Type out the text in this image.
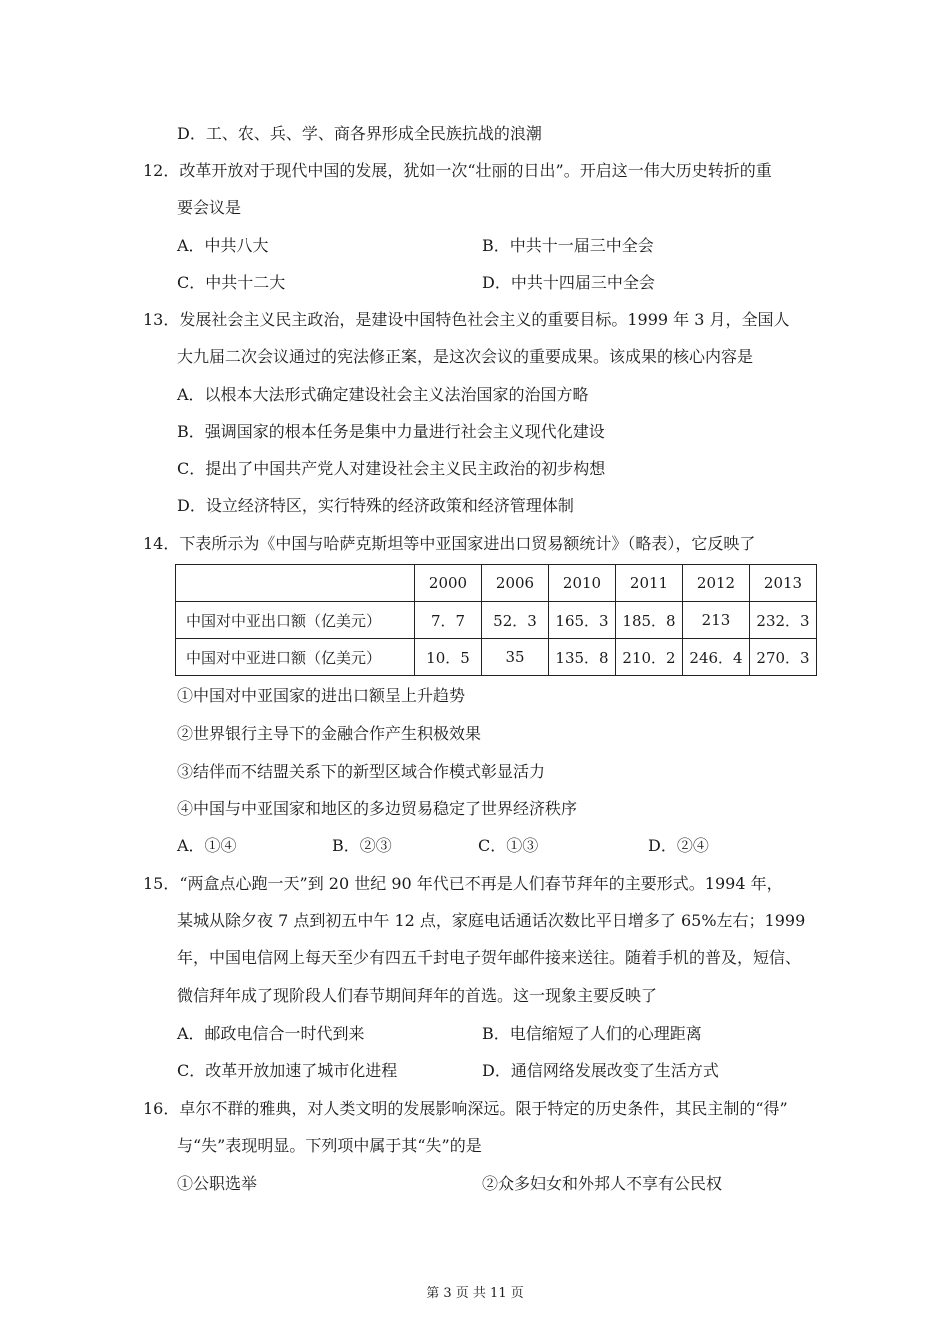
D．工、农、兵、学、商各界形成全民族抗战的浪潮
12．改革开放对于现代中国的发展，犹如一次“壮丽的日出”。开启这一伟大历史转折的重
要会议是
A．中共八大	B．中共十一届三中全会
C．中共十二大	D．中共十四届三中全会
13．发展社会主义民主政治，是建设中国特色社会主义的重要目标。1999 年 3 月，全国人
大九届二次会议通过的宪法修正案，是这次会议的重要成果。该成果的核心内容是
A．以根本大法形式确定建设社会主义法治国家的治国方略
B．强调国家的根本任务是集中力量进行社会主义现代化建设
C．提出了中国共产党人对建设社会主义民主政治的初步构想
D．设立经济特区，实行特殊的经济政策和经济管理体制
14．下表所示为《中国与哈萨克斯坦等中亚国家进出口贸易额统计》（略表），它反映了
	2000	2006	2010	2011	2012	2013
中国对中亚出口额（亿美元）	7．7	52．3	165．3	185．8	213	232．3
中国对中亚进口额（亿美元）	10．5	35	135．8	210．2	246．4	270．3
①中国对中亚国家的进出口额呈上升趋势
②世界银行主导下的金融合作产生积极效果
③结伴而不结盟关系下的新型区域合作模式彰显活力
④中国与中亚国家和地区的多边贸易稳定了世界经济秩序
A．①④	B．②③	C．①③	D．②④
15．“两盒点心跑一天”到 20 世纪 90 年代已不再是人们春节拜年的主要形式。1994 年，
某城从除夕夜 7 点到初五中午 12 点，家庭电话通话次数比平日增多了 65%左右；1999
年，中国电信网上每天至少有四五千封电子贺年邮件接来送往。随着手机的普及，短信、
微信拜年成了现阶段人们春节期间拜年的首选。这一现象主要反映了
A．邮政电信合一时代到来	B．电信缩短了人们的心理距离
C．改革开放加速了城市化进程	D．通信网络发展改变了生活方式
16．卓尔不群的雅典，对人类文明的发展影响深远。限于特定的历史条件，其民主制的“得”
与“失”表现明显。下列项中属于其“失”的是
①公职选举	②众多妇女和外邦人不享有公民权
第 3 页 共 11 页
